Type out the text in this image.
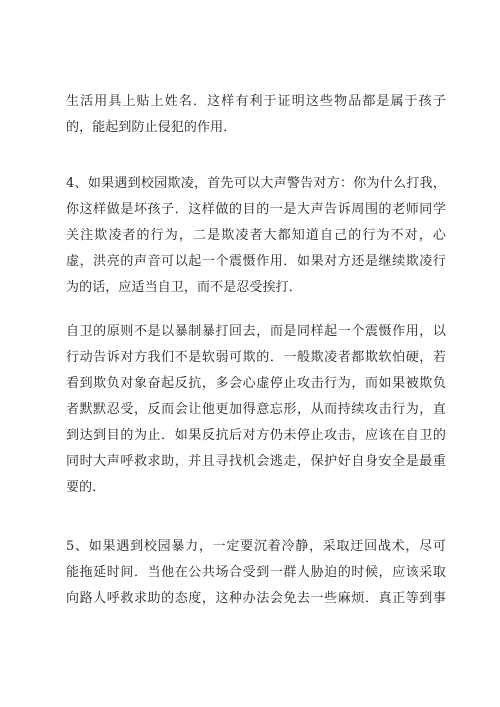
生活用具上贴上姓名．这样有利于证明这些物品都是属于孩子
的，能起到防止侵犯的作用．
4、如果遇到校园欺凌，首先可以大声警告对方：你为什么打我，
你这样做是坏孩子．这样做的目的一是大声告诉周围的老师同学
关注欺凌者的行为，二是欺凌者大都知道自己的行为不对，心
虚，洪亮的声音可以起一个震慑作用．如果对方还是继续欺凌行
为的话，应适当自卫，而不是忍受挨打．
自卫的原则不是以暴制暴打回去，而是同样起一个震慑作用，以
行动告诉对方我们不是软弱可欺的．一般欺凌者都欺软怕硬，若
看到欺负对象奋起反抗，多会心虚停止攻击行为，而如果被欺负
者默默忍受，反而会让他更加得意忘形，从而持续攻击行为，直
到达到目的为止．如果反抗后对方仍未停止攻击，应该在自卫的
同时大声呼救求助，并且寻找机会逃走，保护好自身安全是最重
要的．
5、如果遇到校园暴力，一定要沉着冷静，采取迂回战术，尽可
能拖延时间．当他在公共场合受到一群人胁迫的时候，应该采取
向路人呼救求助的态度，这种办法会免去一些麻烦．真正等到事
